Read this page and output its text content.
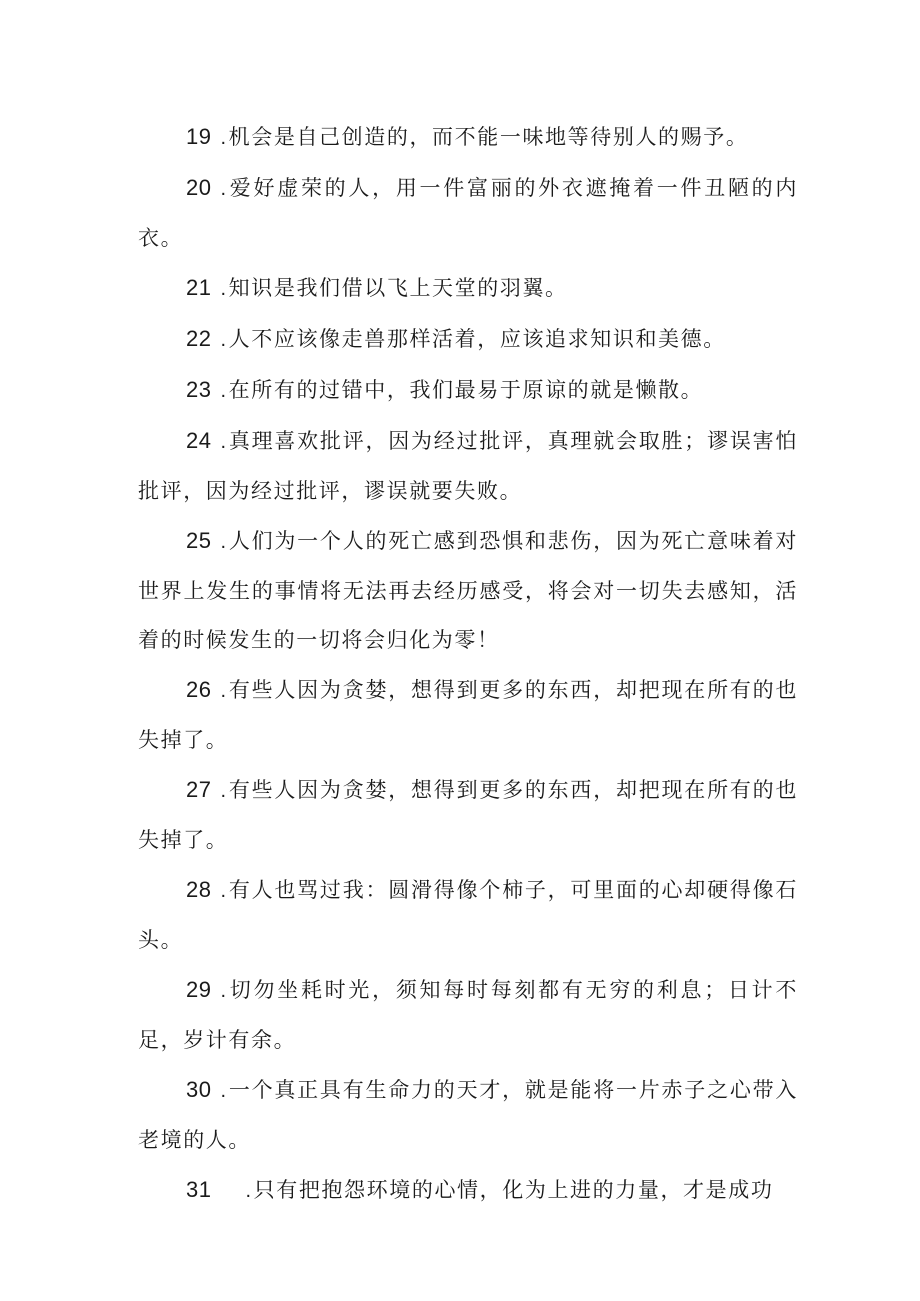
19 .机会是自己创造的，而不能一味地等待别人的赐予。
20 .爱好虚荣的人，用一件富丽的外衣遮掩着一件丑陋的内衣。
21 .知识是我们借以飞上天堂的羽翼。
22 .人不应该像走兽那样活着，应该追求知识和美德。
23 .在所有的过错中，我们最易于原谅的就是懒散。
24 .真理喜欢批评，因为经过批评，真理就会取胜；谬误害怕批评，因为经过批评，谬误就要失败。
25 .人们为一个人的死亡感到恐惧和悲伤，因为死亡意味着对世界上发生的事情将无法再去经历感受，将会对一切失去感知，活着的时候发生的一切将会归化为零！
26 .有些人因为贪婪，想得到更多的东西，却把现在所有的也失掉了。
27 .有些人因为贪婪，想得到更多的东西，却把现在所有的也失掉了。
28 .有人也骂过我：圆滑得像个柿子，可里面的心却硬得像石头。
29 .切勿坐耗时光，须知每时每刻都有无穷的利息；日计不足，岁计有余。
30 .一个真正具有生命力的天才，就是能将一片赤子之心带入老境的人。
31 .只有把抱怨环境的心情，化为上进的力量，才是成功
